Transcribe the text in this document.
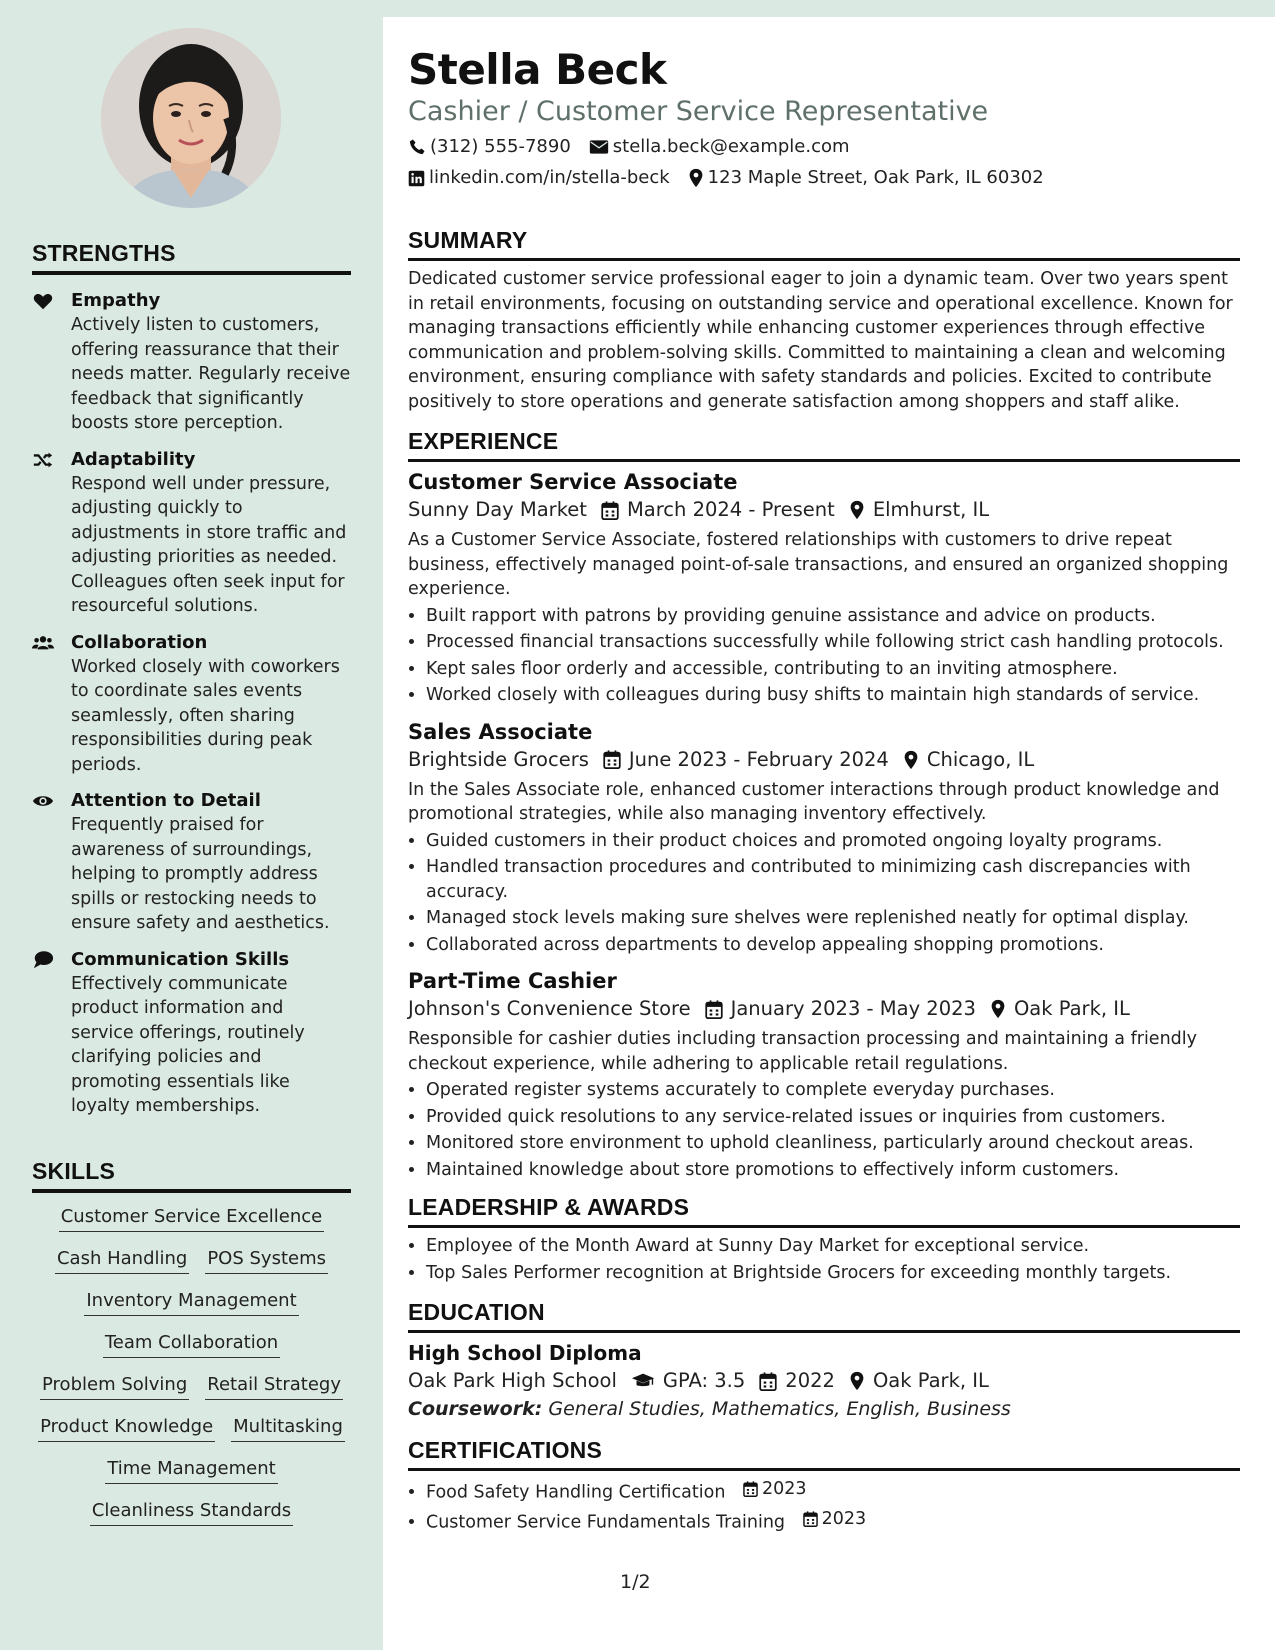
STRENGTHS
Empathy
Actively listen to customers, offering reassurance that their needs matter. Regularly receive feedback that significantly boosts store perception.
Adaptability
Respond well under pressure, adjusting quickly to adjustments in store traffic and adjusting priorities as needed. Colleagues often seek input for resourceful solutions.
Collaboration
Worked closely with coworkers to coordinate sales events seamlessly, often sharing responsibilities during peak periods.
Attention to Detail
Frequently praised for awareness of surroundings, helping to promptly address spills or restocking needs to ensure safety and aesthetics.
Communication Skills
Effectively communicate product information and service offerings, routinely clarifying policies and promoting essentials like loyalty memberships.
SKILLS
Customer Service Excellence
Cash Handling POS Systems
Inventory Management
Team Collaboration
Problem Solving Retail Strategy
Product Knowledge Multitasking
Time Management
Cleanliness Standards
Stella Beck
Cashier / Customer Service Representative
(312) 555-7890 stella.beck@example.com
linkedin.com/in/stella-beck 123 Maple Street, Oak Park, IL 60302
SUMMARY
Dedicated customer service professional eager to join a dynamic team. Over two years spent in retail environments, focusing on outstanding service and operational excellence. Known for managing transactions efficiently while enhancing customer experiences through effective communication and problem-solving skills. Committed to maintaining a clean and welcoming environment, ensuring compliance with safety standards and policies. Excited to contribute positively to store operations and generate satisfaction among shoppers and staff alike.
EXPERIENCE
Customer Service Associate
Sunny Day Market March 2024 - Present Elmhurst, IL
As a Customer Service Associate, fostered relationships with customers to drive repeat business, effectively managed point-of-sale transactions, and ensured an organized shopping experience.
• Built rapport with patrons by providing genuine assistance and advice on products.
• Processed financial transactions successfully while following strict cash handling protocols.
• Kept sales floor orderly and accessible, contributing to an inviting atmosphere.
• Worked closely with colleagues during busy shifts to maintain high standards of service.
Sales Associate
Brightside Grocers June 2023 - February 2024 Chicago, IL
In the Sales Associate role, enhanced customer interactions through product knowledge and promotional strategies, while also managing inventory effectively.
• Guided customers in their product choices and promoted ongoing loyalty programs.
• Handled transaction procedures and contributed to minimizing cash discrepancies with accuracy.
• Managed stock levels making sure shelves were replenished neatly for optimal display.
• Collaborated across departments to develop appealing shopping promotions.
Part-Time Cashier
Johnson's Convenience Store January 2023 - May 2023 Oak Park, IL
Responsible for cashier duties including transaction processing and maintaining a friendly checkout experience, while adhering to applicable retail regulations.
• Operated register systems accurately to complete everyday purchases.
• Provided quick resolutions to any service-related issues or inquiries from customers.
• Monitored store environment to uphold cleanliness, particularly around checkout areas.
• Maintained knowledge about store promotions to effectively inform customers.
LEADERSHIP & AWARDS
• Employee of the Month Award at Sunny Day Market for exceptional service.
• Top Sales Performer recognition at Brightside Grocers for exceeding monthly targets.
EDUCATION
High School Diploma
Oak Park High School GPA: 3.5 2022 Oak Park, IL
Coursework: General Studies, Mathematics, English, Business
CERTIFICATIONS
• Food Safety Handling Certification 2023
• Customer Service Fundamentals Training 2023
1/2
